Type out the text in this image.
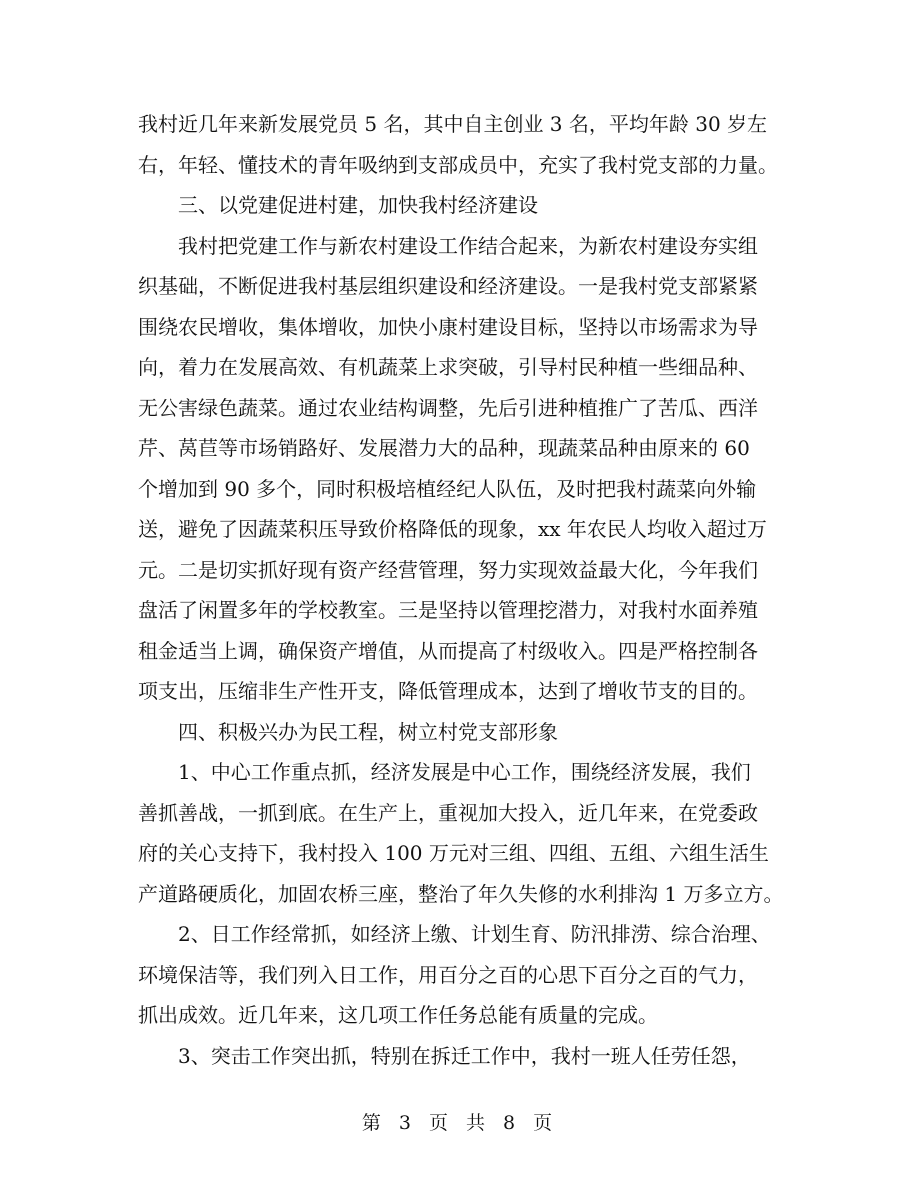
我村近几年来新发展党员 5 名，其中自主创业 3 名，平均年龄 30 岁左

右，年轻、懂技术的青年吸纳到支部成员中，充实了我村党支部的力量。

三、以党建促进村建，加快我村经济建设

我村把党建工作与新农村建设工作结合起来，为新农村建设夯实组

织基础，不断促进我村基层组织建设和经济建设。一是我村党支部紧紧

围绕农民增收，集体增收，加快小康村建设目标，坚持以市场需求为导

向，着力在发展高效、有机蔬菜上求突破，引导村民种植一些细品种、

无公害绿色蔬菜。通过农业结构调整，先后引进种植推广了苦瓜、西洋

芹、莴苣等市场销路好、发展潜力大的品种，现蔬菜品种由原来的 60

个增加到 90 多个，同时积极培植经纪人队伍，及时把我村蔬菜向外输

送，避免了因蔬菜积压导致价格降低的现象，xx 年农民人均收入超过万

元。二是切实抓好现有资产经营管理，努力实现效益最大化，今年我们

盘活了闲置多年的学校教室。三是坚持以管理挖潜力，对我村水面养殖

租金适当上调，确保资产增值，从而提高了村级收入。四是严格控制各

项支出，压缩非生产性开支，降低管理成本，达到了增收节支的目的。

四、积极兴办为民工程，树立村党支部形象

1、中心工作重点抓，经济发展是中心工作，围绕经济发展，我们

善抓善战，一抓到底。在生产上，重视加大投入，近几年来，在党委政

府的关心支持下，我村投入 100 万元对三组、四组、五组、六组生活生

产道路硬质化，加固农桥三座，整治了年久失修的水利排沟 1 万多立方。

2、日工作经常抓，如经济上缴、计划生育、防汛排涝、综合治理、

环境保洁等，我们列入日工作，用百分之百的心思下百分之百的气力，

抓出成效。近几年来，这几项工作任务总能有质量的完成。

3、突击工作突出抓，特别在拆迁工作中，我村一班人任劳任怨，

第 3 页 共 8 页
